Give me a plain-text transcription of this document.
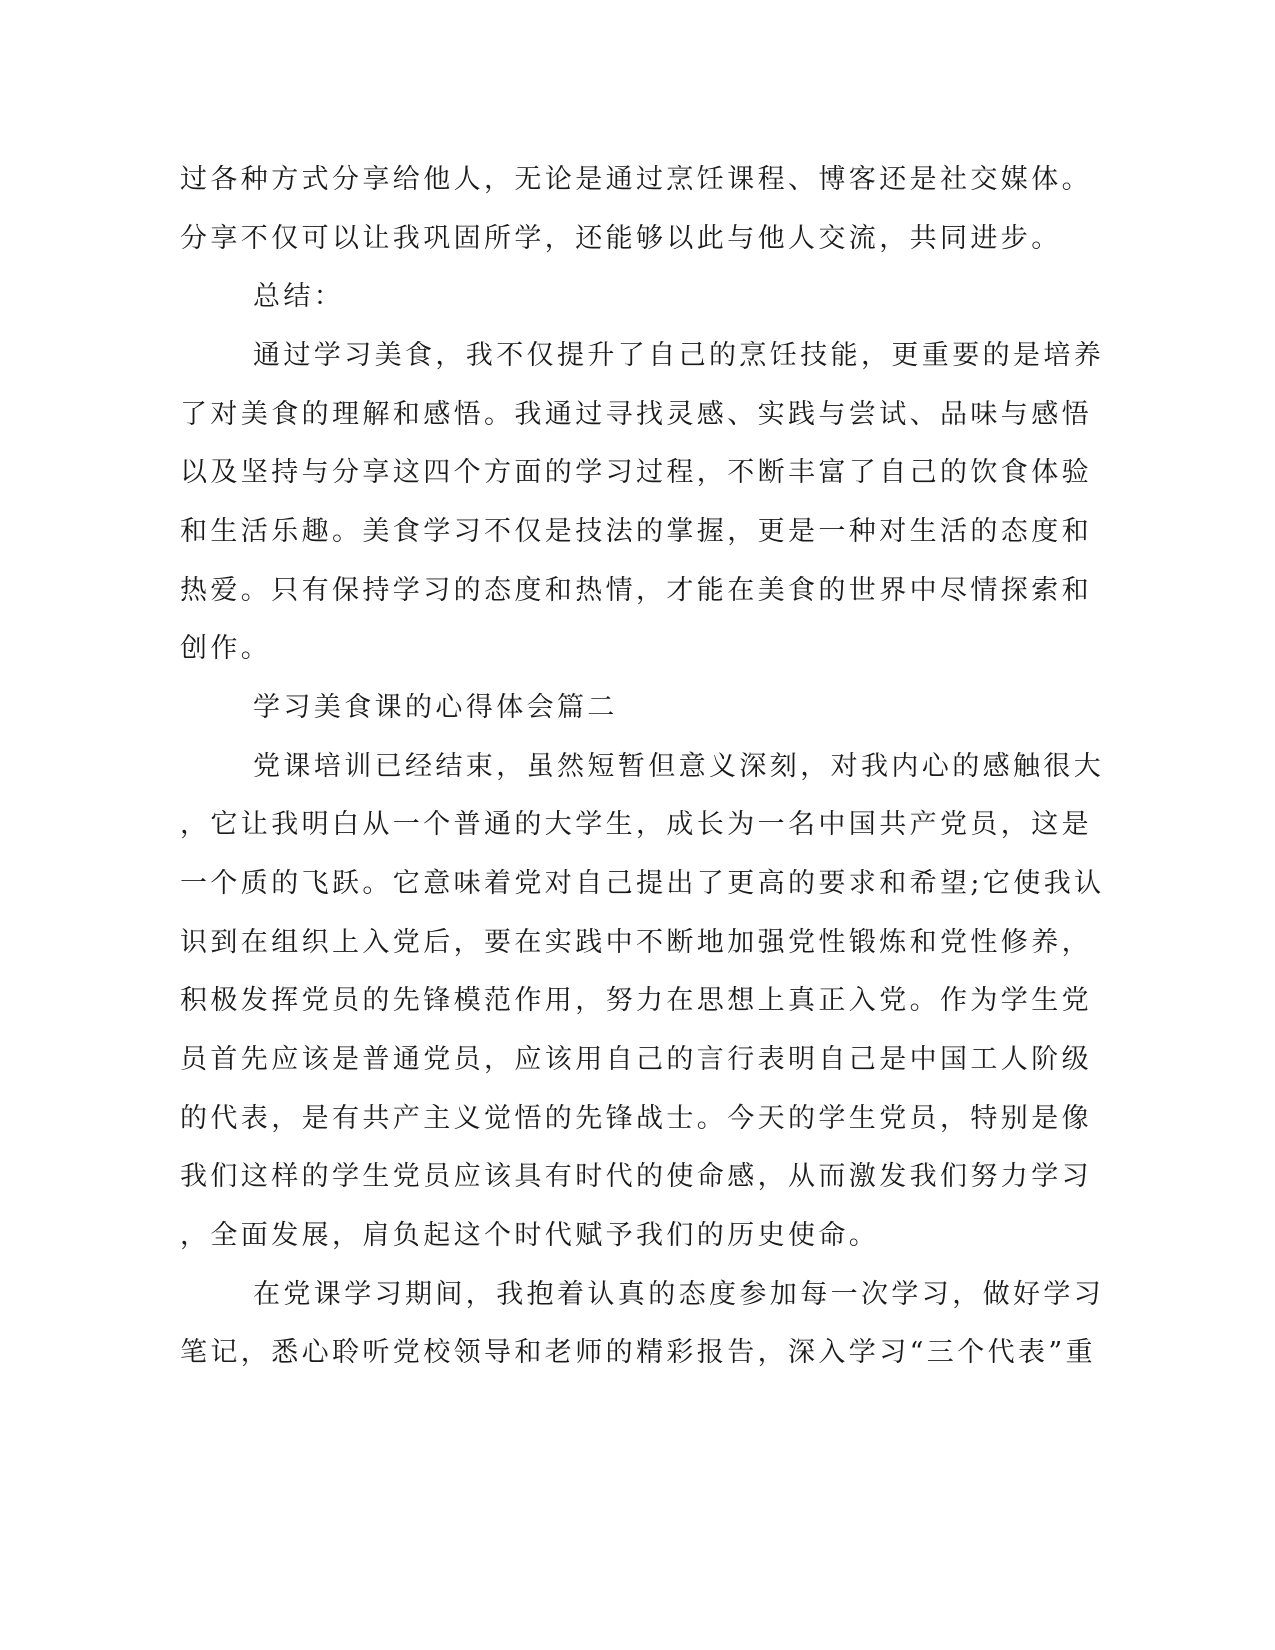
过各种方式分享给他人，无论是通过烹饪课程、博客还是社交媒体。
分享不仅可以让我巩固所学，还能够以此与他人交流，共同进步。
总结：
通过学习美食，我不仅提升了自己的烹饪技能，更重要的是培养
了对美食的理解和感悟。我通过寻找灵感、实践与尝试、品味与感悟
以及坚持与分享这四个方面的学习过程，不断丰富了自己的饮食体验
和生活乐趣。美食学习不仅是技法的掌握，更是一种对生活的态度和
热爱。只有保持学习的态度和热情，才能在美食的世界中尽情探索和
创作。
学习美食课的心得体会篇二
党课培训已经结束，虽然短暂但意义深刻，对我内心的感触很大
，它让我明白从一个普通的大学生，成长为一名中国共产党员，这是
一个质的飞跃。它意味着党对自己提出了更高的要求和希望;它使我认
识到在组织上入党后，要在实践中不断地加强党性锻炼和党性修养，
积极发挥党员的先锋模范作用，努力在思想上真正入党。作为学生党
员首先应该是普通党员，应该用自己的言行表明自己是中国工人阶级
的代表，是有共产主义觉悟的先锋战士。今天的学生党员，特别是像
我们这样的学生党员应该具有时代的使命感，从而激发我们努力学习
，全面发展，肩负起这个时代赋予我们的历史使命。
在党课学习期间，我抱着认真的态度参加每一次学习，做好学习
笔记，悉心聆听党校领导和老师的精彩报告，深入学习“三个代表”重
